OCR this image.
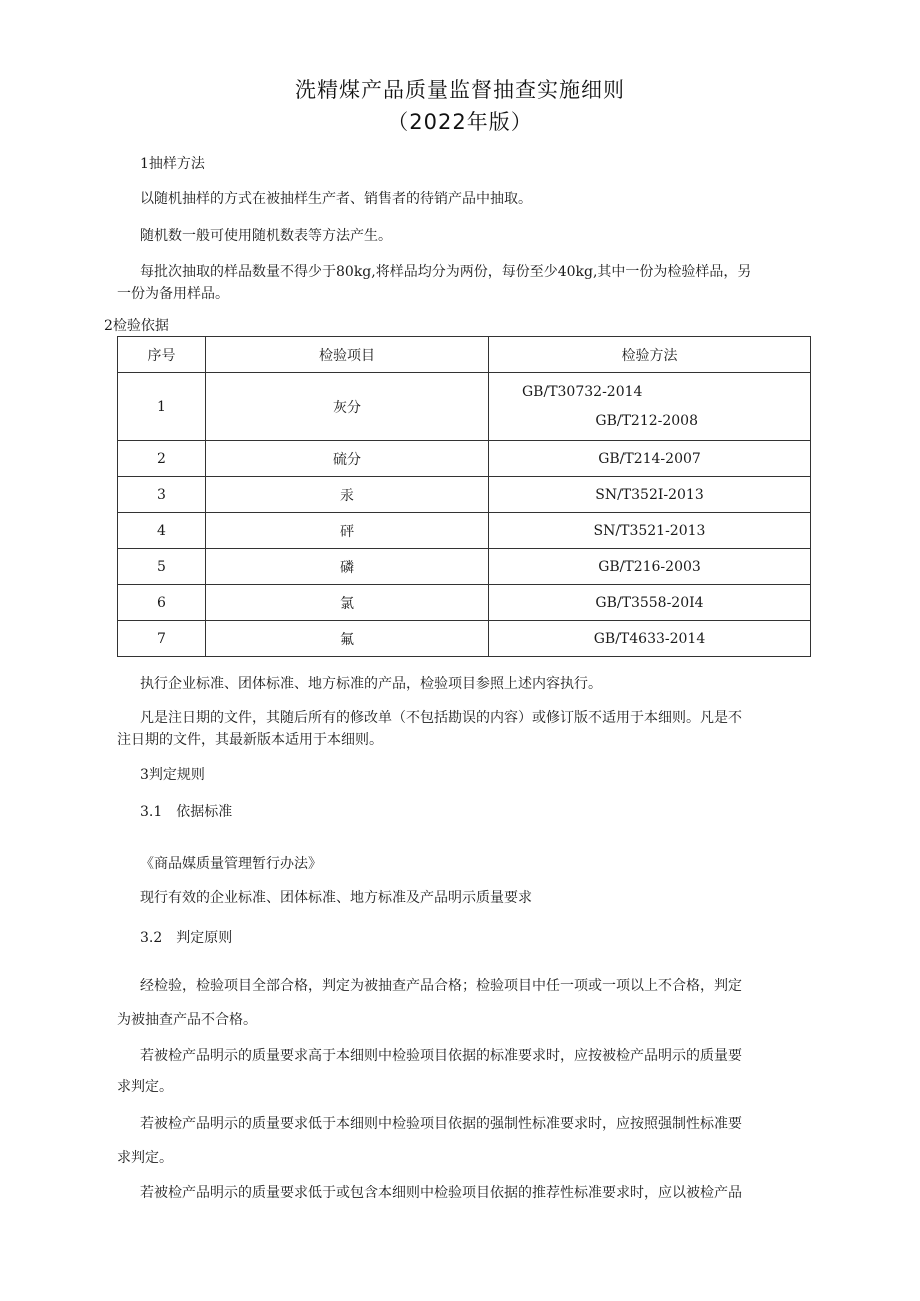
洗精煤产品质量监督抽查实施细则
（2022年版）
1抽样方法
以随机抽样的方式在被抽样生产者、销售者的待销产品中抽取。
随机数一般可使用随机数表等方法产生。
每批次抽取的样品数量不得少于80kg,将样品均分为两份，每份至少40kg,其中一份为检验样品，另
一份为备用样品。
2检验依据
序号	检验项目	检验方法
1	灰分	GB/T30732-2014
GB/T212-2008

2	硫分	GB/T214-2007
3	汞	SN/T352I-2013
4	砰	SN/T3521-2013
5	磷	GB/T216-2003
6	氯	GB/T3558-20I4
7	氟	GB/T4633-2014
执行企业标准、团体标准、地方标准的产品，检验项目参照上述内容执行。
凡是注日期的文件，其随后所有的修改单（不包括勘误的内容）或修订版不适用于本细则。凡是不
注日期的文件，其最新版本适用于本细则。
3判定规则
3.1　依据标准
《商品媒质量管理暂行办法》
现行有效的企业标准、团体标准、地方标准及产品明示质量要求
3.2　判定原则
经检验，检验项目全部合格，判定为被抽查产品合格；检验项目中任一项或一项以上不合格，判定
为被抽查产品不合格。
若被检产品明示的质量要求高于本细则中检验项目依据的标准要求时，应按被检产品明示的质量要
求判定。
若被检产品明示的质量要求低于本细则中检验项目依据的强制性标准要求时，应按照强制性标准要
求判定。
若被检产品明示的质量要求低于或包含本细则中检验项目依据的推荐性标准要求时，应以被检产品
